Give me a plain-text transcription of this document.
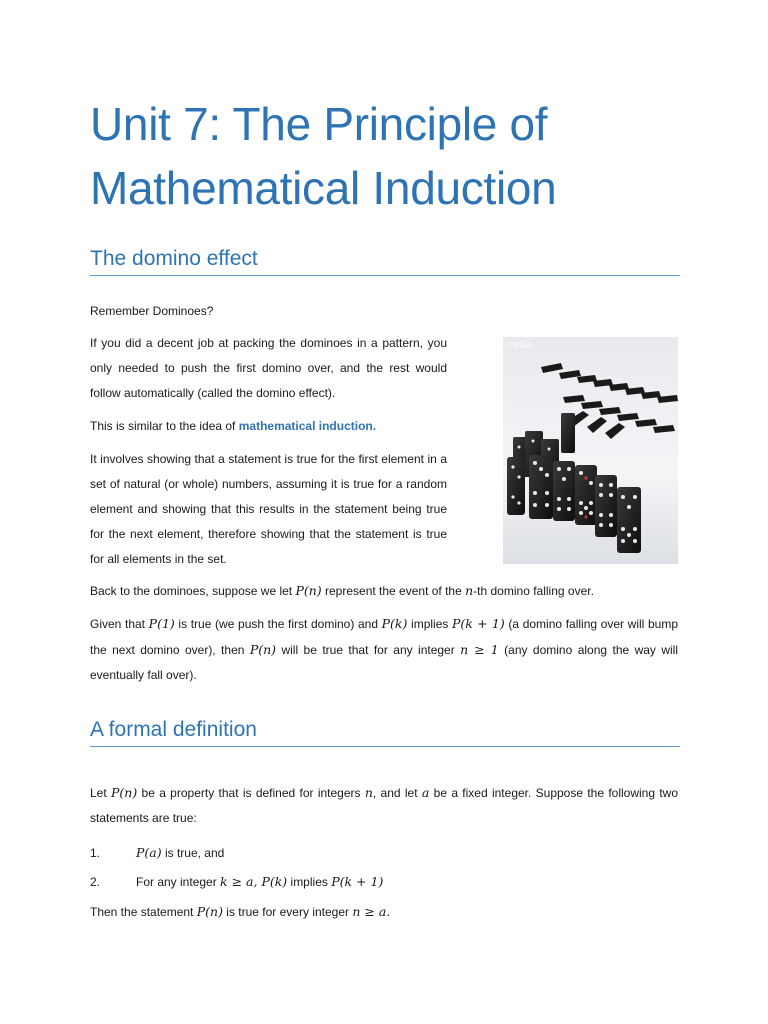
Unit 7: The Principle of Mathematical Induction
The domino effect

Remember Dominoes?

If you did a decent job at packing the dominoes in a pattern, you only needed to push the first domino over, and the rest would follow automatically (called the domino effect).

This is similar to the idea of mathematical induction.

It involves showing that a statement is true for the first element in a set of natural (or whole) numbers, assuming it is true for a random element and showing that this results in the statement being true for the next element, therefore showing that the statement is true for all elements in the set.

Back to the dominoes, suppose we let P(n) represent the event of the n-th domino falling over.

Given that P(1) is true (we push the first domino) and P(k) implies P(k + 1) (a domino falling over will bump the next domino over), then P(n) will be true that for any integer n ≥ 1 (any domino along the way will eventually fall over).

A formal definition

Let P(n) be a property that is defined for integers n, and let a be a fixed integer. Suppose the following two statements are true:

1.	P(a) is true, and
2.	For any integer k ≥ a, P(k) implies P(k + 1)

Then the statement P(n) is true for every integer n ≥ a.

corbis
